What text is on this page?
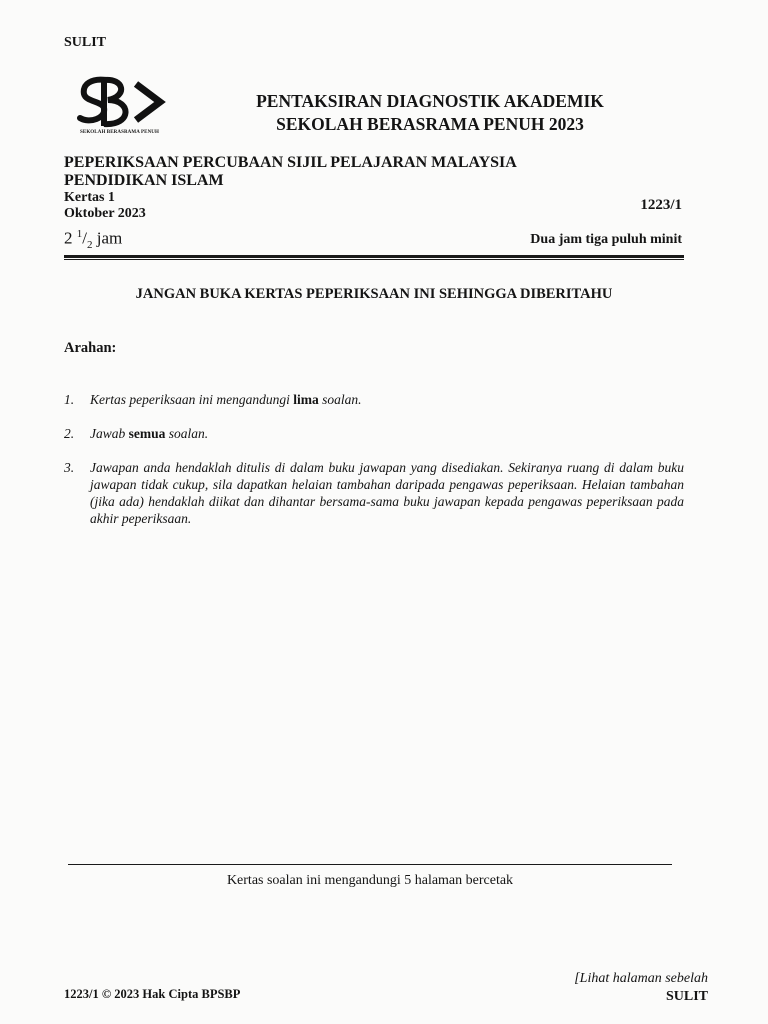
SULIT
SEKOLAH BERASRAMA PENUH
PENTAKSIRAN DIAGNOSTIK AKADEMIK
SEKOLAH BERASRAMA PENUH 2023
PEPERIKSAAN PERCUBAAN SIJIL PELAJARAN MALAYSIA
PENDIDIKAN ISLAM
Kertas 1
Oktober 2023
1223/1
2 $^1/_2$ jam	Dua jam tiga puluh minit
JANGAN BUKA KERTAS PEPERIKSAAN INI SEHINGGA DIBERITAHU
Arahan:
1. Kertas peperiksaan ini mengandungi lima soalan.
2. Jawab semua soalan.
3. Jawapan anda hendaklah ditulis di dalam buku jawapan yang disediakan. Sekiranya ruang di dalam buku jawapan tidak cukup, sila dapatkan helaian tambahan daripada pengawas peperiksaan. Helaian tambahan (jika ada) hendaklah diikat dan dihantar bersama-sama buku jawapan kepada pengawas peperiksaan pada akhir peperiksaan.
Kertas soalan ini mengandungi 5 halaman bercetak
1223/1 © 2023 Hak Cipta BPSBP
[Lihat halaman sebelah
SULIT
